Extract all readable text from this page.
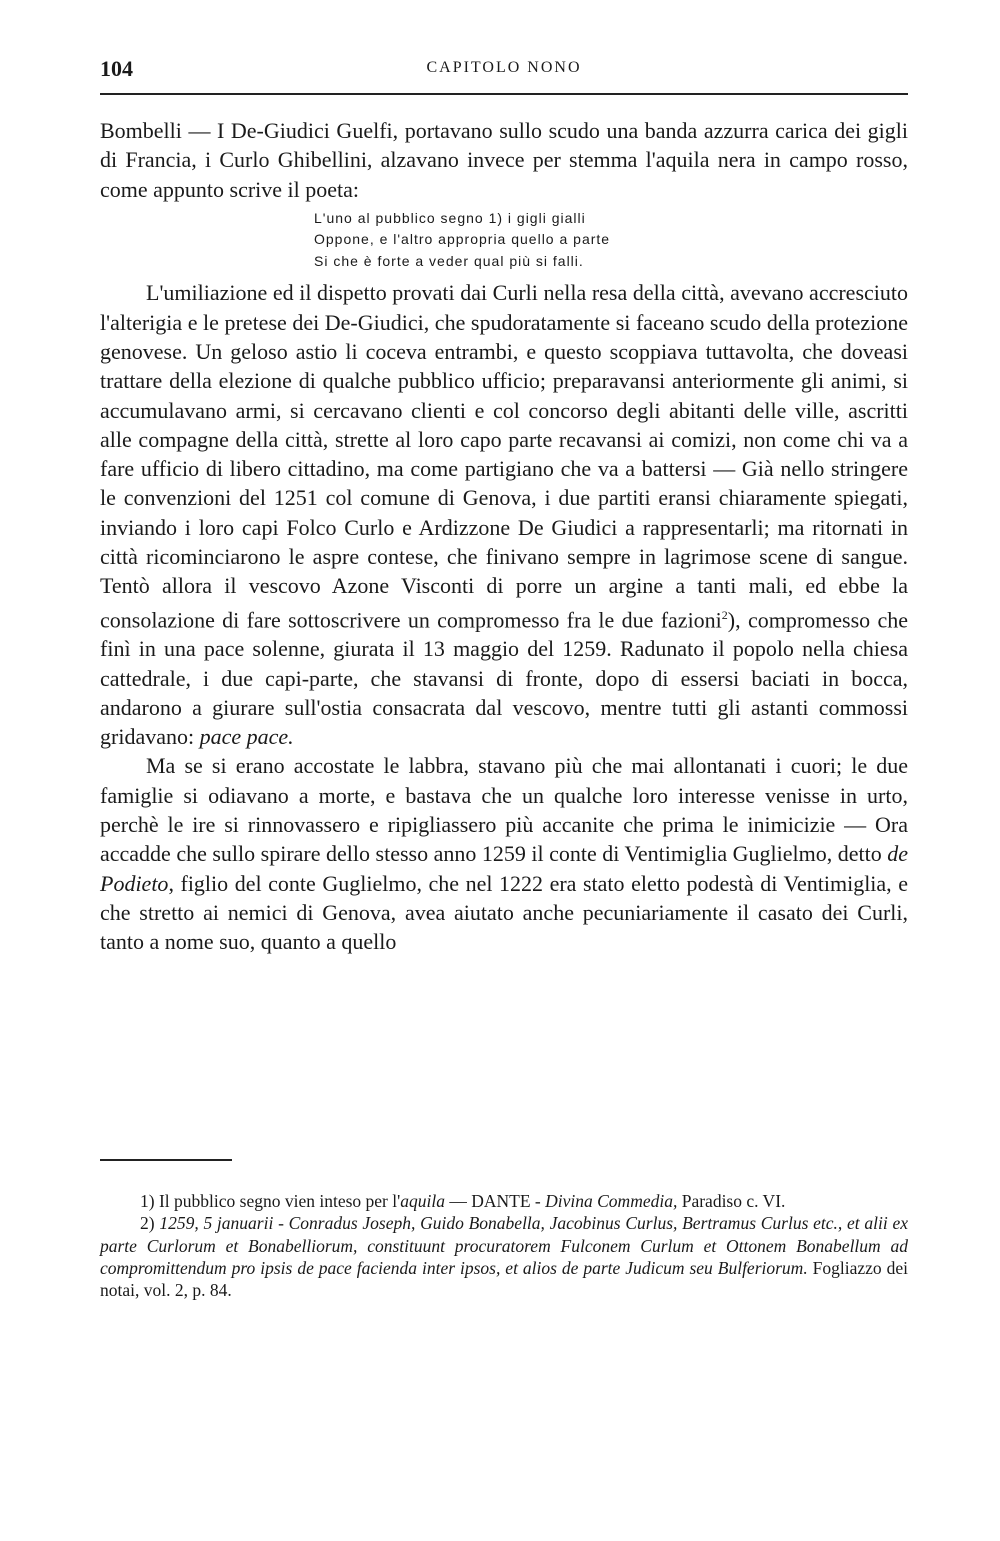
104	CAPITOLO NONO

Bombelli — I De-Giudici Guelfi, portavano sullo scudo una banda azzurra carica dei gigli di Francia, i Curlo Ghibellini, alzavano invece per stemma l'aquila nera in campo rosso, come appunto scrive il poeta:

L'uno al pubblico segno 1) i gigli gialli
Oppone, e l'altro appropria quello a parte
Si che è forte a veder qual più si falli.

L'umiliazione ed il dispetto provati dai Curli nella resa della città, avevano accresciuto l'alterigia e le pretese dei De-Giudici, che spudoratamente si faceano scudo della protezione genovese. Un geloso astio li coceva entrambi, e questo scoppiava tuttavolta, che doveasi trattare della elezione di qualche pubblico ufficio; preparavansi anteriormente gli animi, si accumulavano armi, si cercavano clienti e col concorso degli abitanti delle ville, ascritti alle compagne della città, strette al loro capo parte recavansi ai comizi, non come chi va a fare ufficio di libero cittadino, ma come partigiano che va a battersi — Già nello stringere le convenzioni del 1251 col comune di Genova, i due partiti eransi chiaramente spiegati, inviando i loro capi Folco Curlo e Ardizzone De Giudici a rappresentarli; ma ritornati in città ricominciarono le aspre contese, che finivano sempre in lagrimose scene di sangue. Tentò allora il vescovo Azone Visconti di porre un argine a tanti mali, ed ebbe la consolazione di fare sottoscrivere un compromesso fra le due fazioni$^2$), compromesso che finì in una pace solenne, giurata il 13 maggio del 1259. Radunato il popolo nella chiesa cattedrale, i due capi-parte, che stavansi di fronte, dopo di essersi baciati in bocca, andarono a giurare sull'ostia consacrata dal vescovo, mentre tutti gli astanti commossi gridavano: pace pace.

Ma se si erano accostate le labbra, stavano più che mai allontanati i cuori; le due famiglie si odiavano a morte, e bastava che un qualche loro interesse venisse in urto, perchè le ire si rinnovassero e ripigliassero più accanite che prima le inimicizie — Ora accadde che sullo spirare dello stesso anno 1259 il conte di Ventimiglia Guglielmo, detto de Podieto, figlio del conte Guglielmo, che nel 1222 era stato eletto podestà di Ventimiglia, e che stretto ai nemici di Genova, avea aiutato anche pecuniariamente il casato dei Curli, tanto a nome suo, quanto a quello

1) Il pubblico segno vien inteso per l'aquila — DANTE - Divina Commedia, Paradiso c. VI.

2) 1259, 5 januarii - Conradus Joseph, Guido Bonabella, Jacobinus Curlus, Bertramus Curlus etc., et alii ex parte Curlorum et Bonabelliorum, constituunt procuratorem Fulconem Curlum et Ottonem Bonabellum ad compromittendum pro ipsis de pace facienda inter ipsos, et alios de parte Judicum seu Bulferiorum. Fogliazzo dei notai, vol. 2, p. 84.
